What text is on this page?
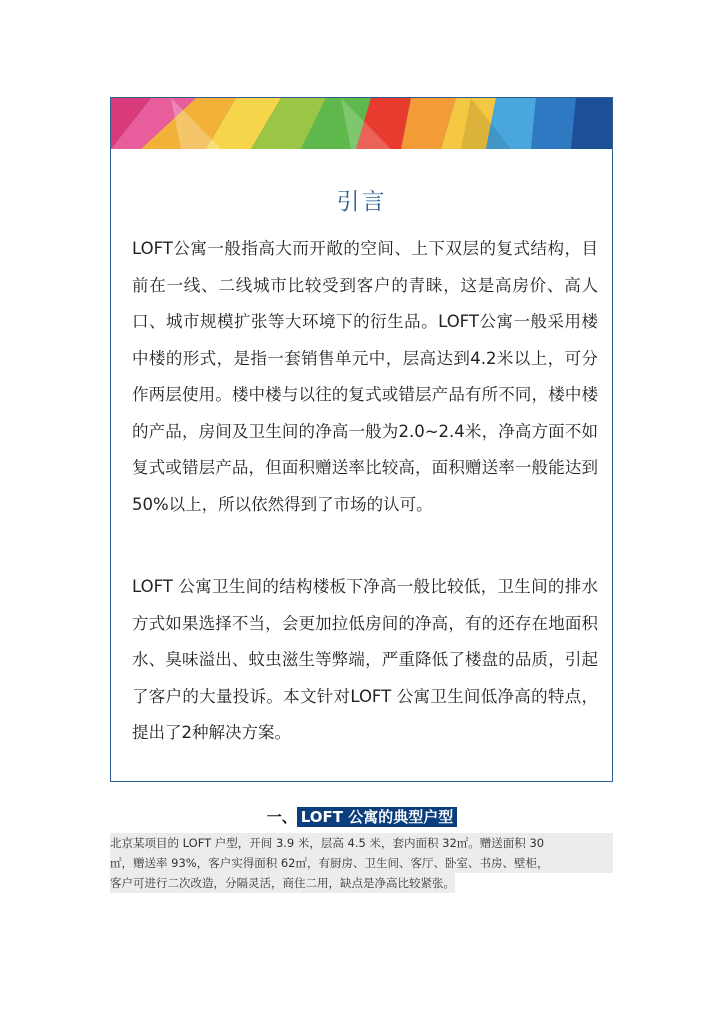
引言

LOFT公寓一般指高大而开敞的空间、上下双层的复式结构，目前在一线、二线城市比较受到客户的青睐，这是高房价、高人口、城市规模扩张等大环境下的衍生品。LOFT公寓一般采用楼中楼的形式，是指一套销售单元中，层高达到4.2米以上，可分作两层使用。楼中楼与以往的复式或错层产品有所不同，楼中楼的产品，房间及卫生间的净高一般为2.0~2.4米，净高方面不如复式或错层产品，但面积赠送率比较高，面积赠送率一般能达到50%以上，所以依然得到了市场的认可。

LOFT 公寓卫生间的结构楼板下净高一般比较低，卫生间的排水方式如果选择不当，会更加拉低房间的净高，有的还存在地面积水、臭味溢出、蚊虫滋生等弊端，严重降低了楼盘的品质，引起了客户的大量投诉。本文针对LOFT 公寓卫生间低净高的特点，提出了2种解决方案。

一、 LOFT 公寓的典型户型
北京某项目的 LOFT 户型，开间 3.9 米，层高 4.5 米，套内面积 32㎡。赠送面积 30
㎡，赠送率 93%，客户实得面积 62㎡，有厨房、卫生间、客厅、卧室、书房、壁柜，
客户可进行二次改造，分隔灵活，商住二用，缺点是净高比较紧张。
